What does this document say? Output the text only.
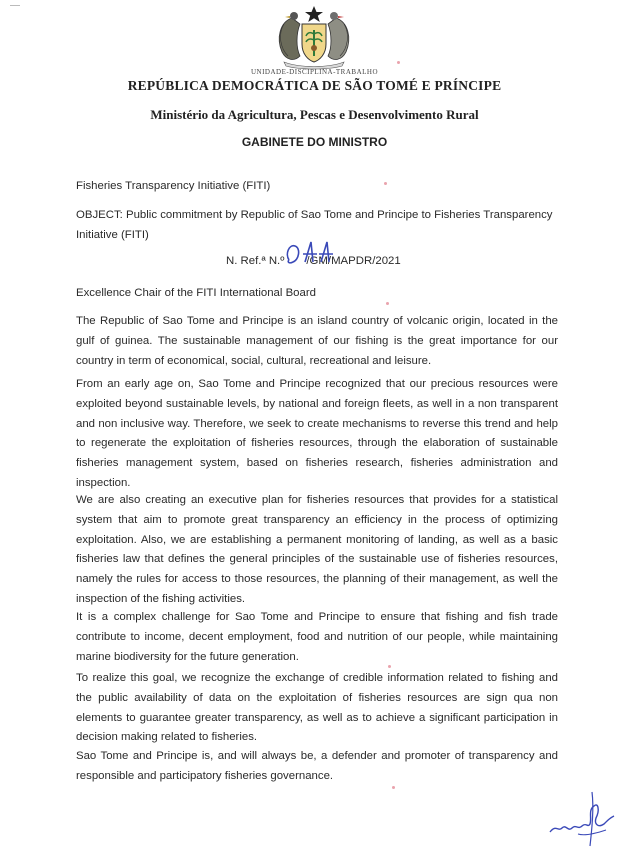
UNIDADE-DISCIPLINA-TRABALHO
REPÚBLICA DEMOCRÁTICA DE SÃO TOMÉ E PRÍNCIPE
Ministério da Agricultura, Pescas e Desenvolvimento Rural
GABINETE DO MINISTRO
Fisheries Transparency Initiative (FITI)
OBJECT: Public commitment by Republic of Sao Tome and Principe to Fisheries Transparency Initiative (FITI)
N. Ref.ª N.º /GM/MAPDR/2021
Excellence Chair of the FITI International Board
The Republic of Sao Tome and Principe is an island country of volcanic origin, located in the gulf of guinea. The sustainable management of our fishing is the great importance for our country in term of economical, social, cultural, recreational and leisure.
From an early age on, Sao Tome and Principe recognized that our precious resources were exploited beyond sustainable levels, by national and foreign fleets, as well in a non transparent and non inclusive way. Therefore, we seek to create mechanisms to reverse this trend and help to regenerate the exploitation of fisheries resources, through the elaboration of sustainable fisheries management system, based on fisheries research, fisheries administration and inspection.
We are also creating an executive plan for fisheries resources that provides for a statistical system that aim to promote great transparency an efficiency in the process of optimizing exploitation. Also, we are establishing a permanent monitoring of landing, as well as a basic fisheries law that defines the general principles of the sustainable use of fisheries resources, namely the rules for access to those resources, the planning of their management, as well the inspection of the fishing activities.
It is a complex challenge for Sao Tome and Principe to ensure that fishing and fish trade contribute to income, decent employment, food and nutrition of our people, while maintaining marine biodiversity for the future generation.
To realize this goal, we recognize the exchange of credible information related to fishing and the public availability of data on the exploitation of fisheries resources are sign qua non elements to guarantee greater transparency, as well as to achieve a significant participation in decision making related to fisheries.
Sao Tome and Principe is, and will always be, a defender and promoter of transparency and responsible and participatory fisheries governance.
